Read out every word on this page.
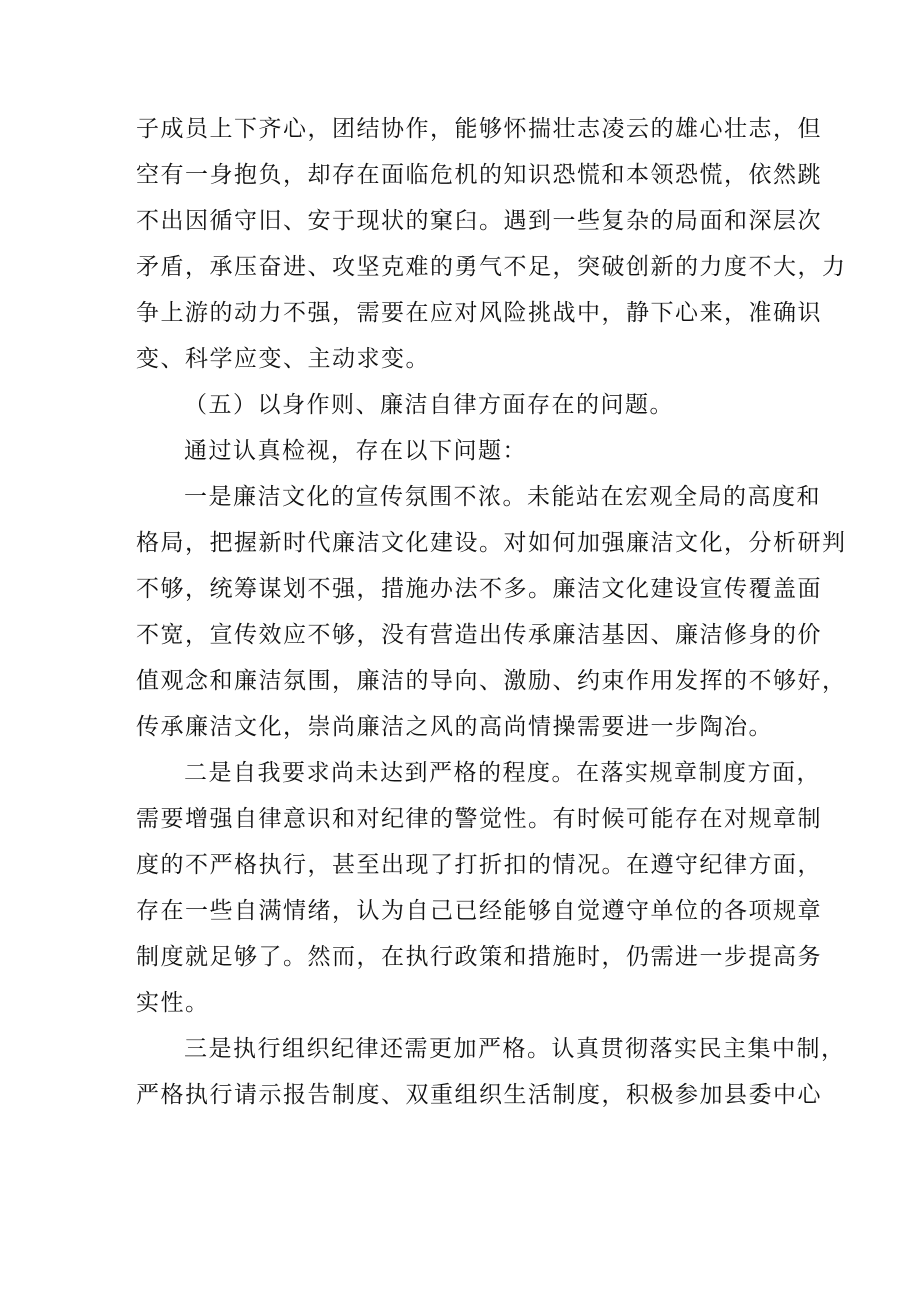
子成员上下齐心，团结协作，能够怀揣壮志凌云的雄心壮志，但
空有一身抱负，却存在面临危机的知识恐慌和本领恐慌，依然跳
不出因循守旧、安于现状的窠臼。遇到一些复杂的局面和深层次
矛盾，承压奋进、攻坚克难的勇气不足，突破创新的力度不大，力
争上游的动力不强，需要在应对风险挑战中，静下心来，准确识
变、科学应变、主动求变。
（五）以身作则、廉洁自律方面存在的问题。
通过认真检视，存在以下问题：
一是廉洁文化的宣传氛围不浓。未能站在宏观全局的高度和
格局，把握新时代廉洁文化建设。对如何加强廉洁文化，分析研判
不够，统筹谋划不强，措施办法不多。廉洁文化建设宣传覆盖面
不宽，宣传效应不够，没有营造出传承廉洁基因、廉洁修身的价
值观念和廉洁氛围，廉洁的导向、激励、约束作用发挥的不够好，
传承廉洁文化，崇尚廉洁之风的高尚情操需要进一步陶冶。
二是自我要求尚未达到严格的程度。在落实规章制度方面，
需要增强自律意识和对纪律的警觉性。有时候可能存在对规章制
度的不严格执行，甚至出现了打折扣的情况。在遵守纪律方面，
存在一些自满情绪，认为自己已经能够自觉遵守单位的各项规章
制度就足够了。然而，在执行政策和措施时，仍需进一步提高务
实性。
三是执行组织纪律还需更加严格。认真贯彻落实民主集中制，
严格执行请示报告制度、双重组织生活制度，积极参加县委中心
